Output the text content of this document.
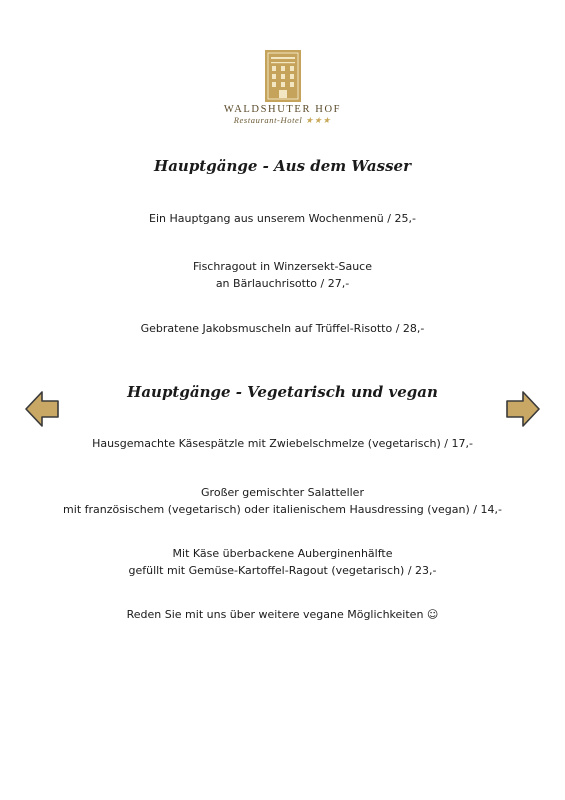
WALDSHUTER HOF
Restaurant-Hotel ★★★
Hauptgänge - Aus dem Wasser
Ein Hauptgang aus unserem Wochenmenü / 25,-
Fischragout in Winzersekt-Sauce
an Bärlauchrisotto / 27,-
Gebratene Jakobsmuscheln auf Trüffel-Risotto / 28,-
Hauptgänge - Vegetarisch und vegan
Hausgemachte Käsespätzle mit Zwiebelschmelze (vegetarisch) / 17,-
Großer gemischter Salatteller
mit französischem (vegetarisch) oder italienischem Hausdressing (vegan) / 14,-
Mit Käse überbackene Auberginenhälfte
gefüllt mit Gemüse-Kartoffel-Ragout (vegetarisch) / 23,-
Reden Sie mit uns über weitere vegane Möglichkeiten ☺
